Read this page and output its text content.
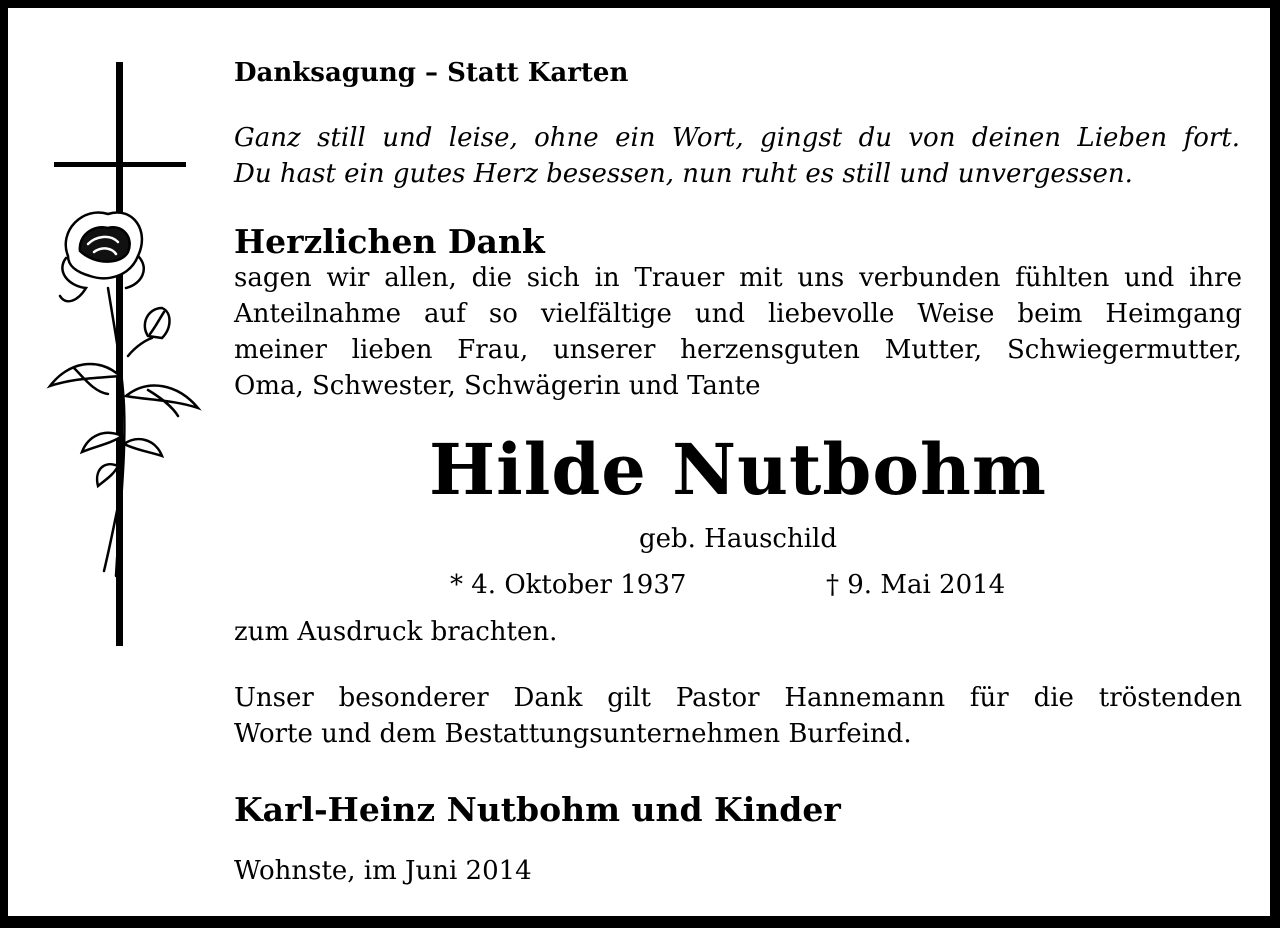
Danksagung – Statt Karten

Ganz still und leise, ohne ein Wort, gingst du von deinen Lieben fort.
Du hast ein gutes Herz besessen, nun ruht es still und unvergessen.

Herzlichen Dank

sagen wir allen, die sich in Trauer mit uns verbunden fühlten und ihre
Anteilnahme auf so vielfältige und liebevolle Weise beim Heimgang
meiner lieben Frau, unserer herzensguten Mutter, Schwiegermutter,
Oma, Schwester, Schwägerin und Tante
Hilde Nutbohm
geb. Hauschild
zum Ausdruck brachten.
Unser besonderer Dank gilt Pastor Hannemann für die tröstenden
Worte und dem Bestattungsunternehmen Burfeind.

Karl-Heinz Nutbohm und Kinder

Wohnste, im Juni 2014

* 4. Oktober 1937	† 9. Mai 2014
